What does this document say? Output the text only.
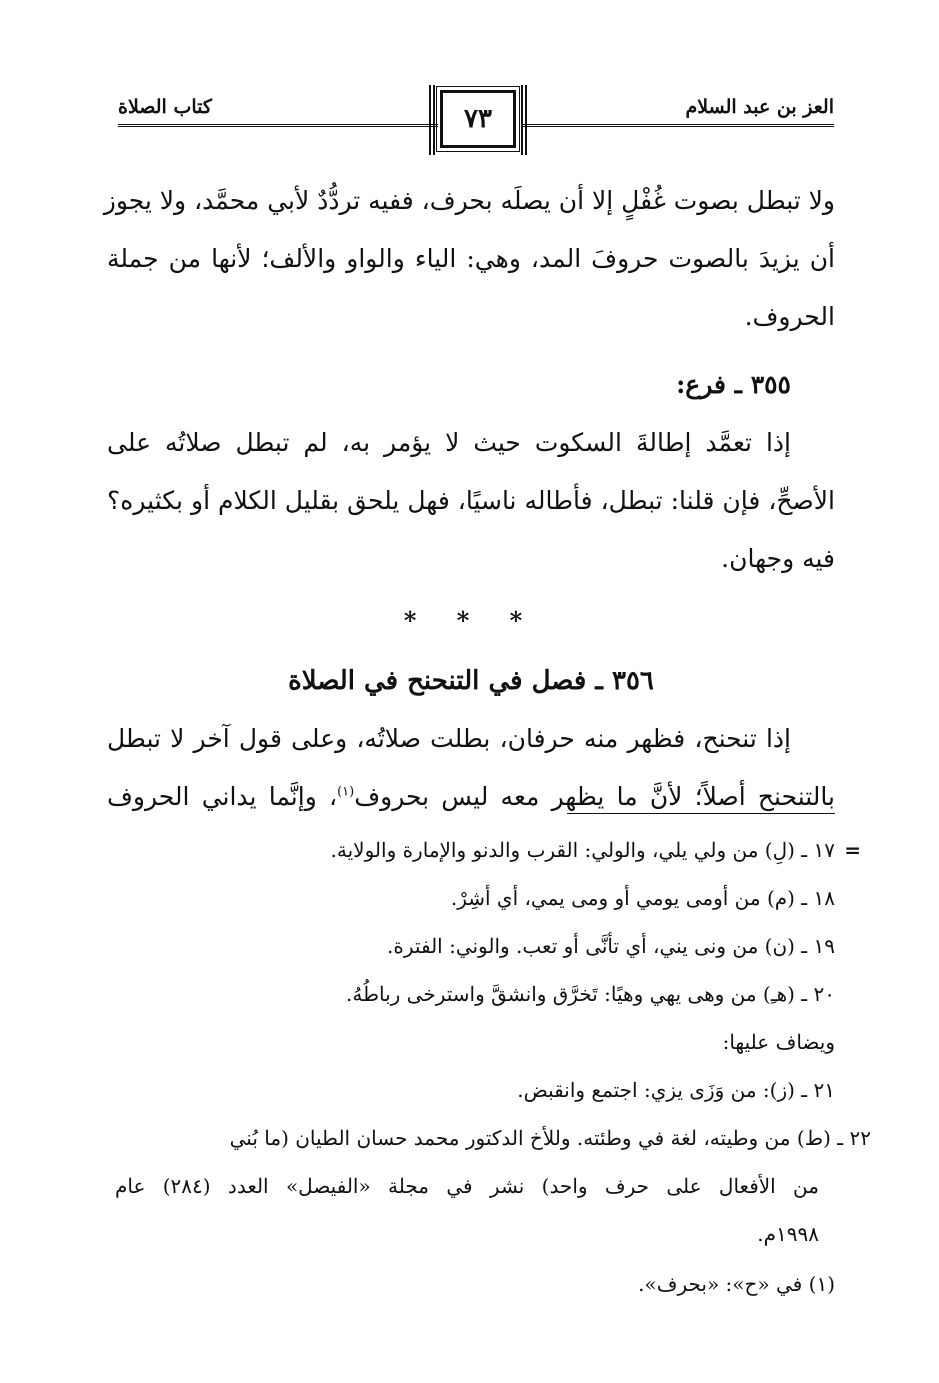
العز بن عبد السلام
٧٣
كتاب الصلاة
ولا تبطل بصوت غُفْلٍ إلا أن يصلَه بحرف، ففيه تردُّدٌ لأبي محمَّد، ولا يجوز
أن يزيدَ بالصوت حروفَ المد، وهي: الياء والواو والألف؛ لأنها من جملة
الحروف.
٣٥٥ ـ فرع:
إذا تعمَّد إطالةَ السكوت حيث لا يؤمر به، لم تبطل صلاتُه على
الأصحِّ، فإن قلنا: تبطل، فأطاله ناسيًا، فهل يلحق بقليل الكلام أو بكثيره؟
فيه وجهان.
* * *
٣٥٦ ـ فصل في التنحنح في الصلاة
إذا تنحنح، فظهر منه حرفان، بطلت صلاتُه، وعلى قول آخر لا تبطل
بالتنحنح أصلاً؛ لأنَّ ما يظهر معه ليس بحروف$^{(١)}$، وإنَّما يداني الحروف
=
١٧ ـ (لِ) من ولي يلي، والولي: القرب والدنو والإمارة والولاية.
١٨ ـ (م) من أومى يومي أو ومى يمي، أي أشِرْ.
١٩ ـ (ن) من ونى يني، أي تأنَّى أو تعب. والوني: الفترة.
٢٠ ـ (هـِ) من وهى يهي وهيًا: تَخرَّق وانشقَّ واسترخى رباطُهُ.
ويضاف عليها:
٢١ ـ (ز): من وَزَى يزي: اجتمع وانقبض.
٢٢ ـ (ط) من وطيته، لغة في وطئته. وللأخ الدكتور محمد حسان الطيان (ما بُني
من الأفعال على حرف واحد) نشر في مجلة «الفيصل» العدد (٢٨٤) عام
١٩٩٨م.
(١) في «ح»: «بحرف».
